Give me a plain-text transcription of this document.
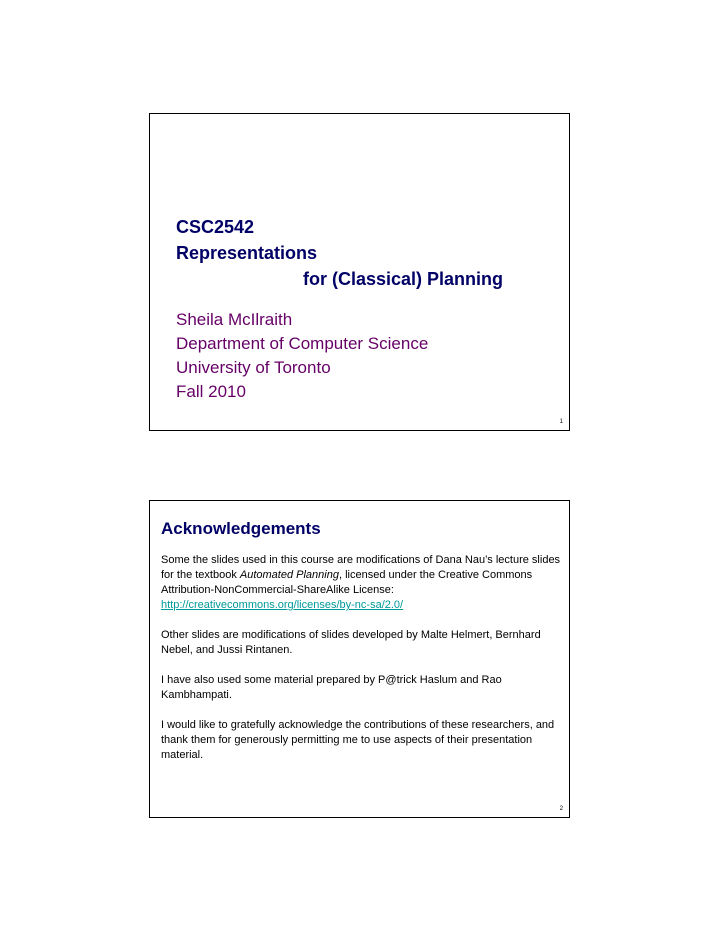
CSC2542
Representations
for (Classical) Planning
Sheila McIlraith
Department of Computer Science
University of Toronto
Fall 2010
1
Acknowledgements

Some the slides used in this course are modifications of Dana Nau’s lecture slides for the textbook Automated Planning, licensed under the Creative Commons Attribution-NonCommercial-ShareAlike License:
http://creativecommons.org/licenses/by-nc-sa/2.0/

Other slides are modifications of slides developed by Malte Helmert, Bernhard Nebel, and Jussi Rintanen.

I have also used some material prepared by P@trick Haslum and Rao Kambhampati.

I would like to gratefully acknowledge the contributions of these researchers, and thank them for generously permitting me to use aspects of their presentation material.

2
